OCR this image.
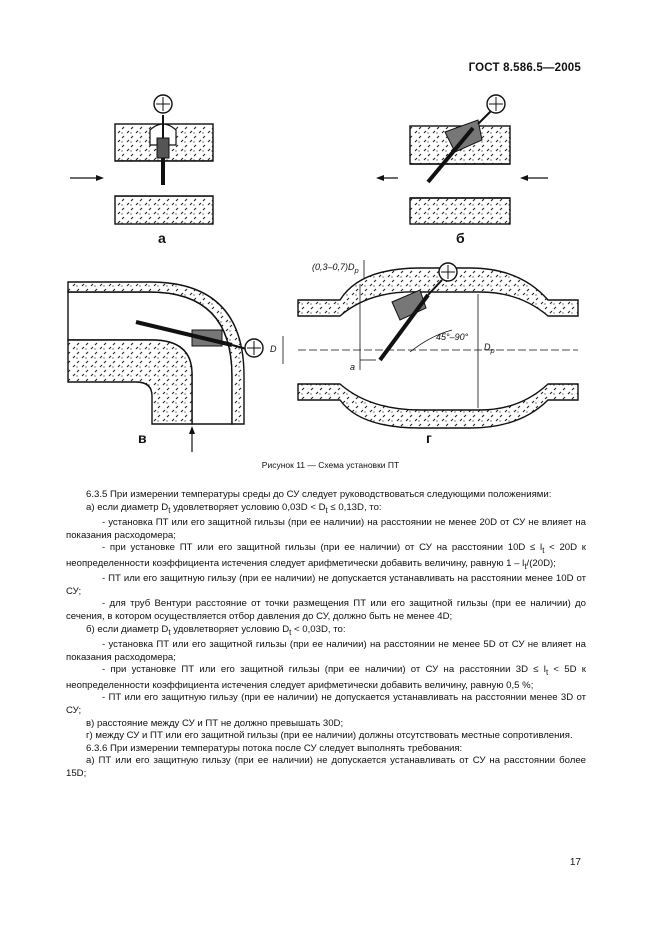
ГОСТ 8.586.5—2005
а	б
в	г
$(0,3-0,7)D_р$
45°–90°
D	$D_р$
a
Рисунок 11 — Схема установки ПТ

6.3.5 При измерении температуры среды до СУ следует руководствоваться следующими положениями:

а) если диаметр $D_t$ удовлетворяет условию $0,03D < D_t \le 0,13D$, то:

- установка ПТ или его защитной гильзы (при ее наличии) на расстоянии не менее 20D от СУ не влияет на показания расходомера;

- при установке ПТ или его защитной гильзы (при ее наличии) от СУ на расстоянии $10D \le l_t < 20D$ к неопределенности коэффициента истечения следует арифметически добавить величину, равную $1 - l_t/(20D)$;

- ПТ или его защитную гильзу (при ее наличии) не допускается устанавливать на расстоянии менее 10D от СУ;

- для труб Вентури расстояние от точки размещения ПТ или его защитной гильзы (при ее наличии) до сечения, в котором осуществляется отбор давления до СУ, должно быть не менее 4D;

б) если диаметр $D_t$ удовлетворяет условию $D_t < 0,03D$, то:

- установка ПТ или его защитной гильзы (при ее наличии) на расстоянии не менее 5D от СУ не влияет на показания расходомера;

- при установке ПТ или его защитной гильзы (при ее наличии) от СУ на расстоянии $3D \le l_t < 5D$ к неопределенности коэффициента истечения следует арифметически добавить величину, равную 0,5 %;

- ПТ или его защитную гильзу (при ее наличии) не допускается устанавливать на расстоянии менее 3D от СУ;

в) расстояние между СУ и ПТ не должно превышать 30D;

г) между СУ и ПТ или его защитной гильзы (при ее наличии) должны отсутствовать местные сопротивления.

6.3.6 При измерении температуры потока после СУ следует выполнять требования:

а) ПТ или его защитную гильзу (при ее наличии) не допускается устанавливать от СУ на расстоянии более 15D;

17
